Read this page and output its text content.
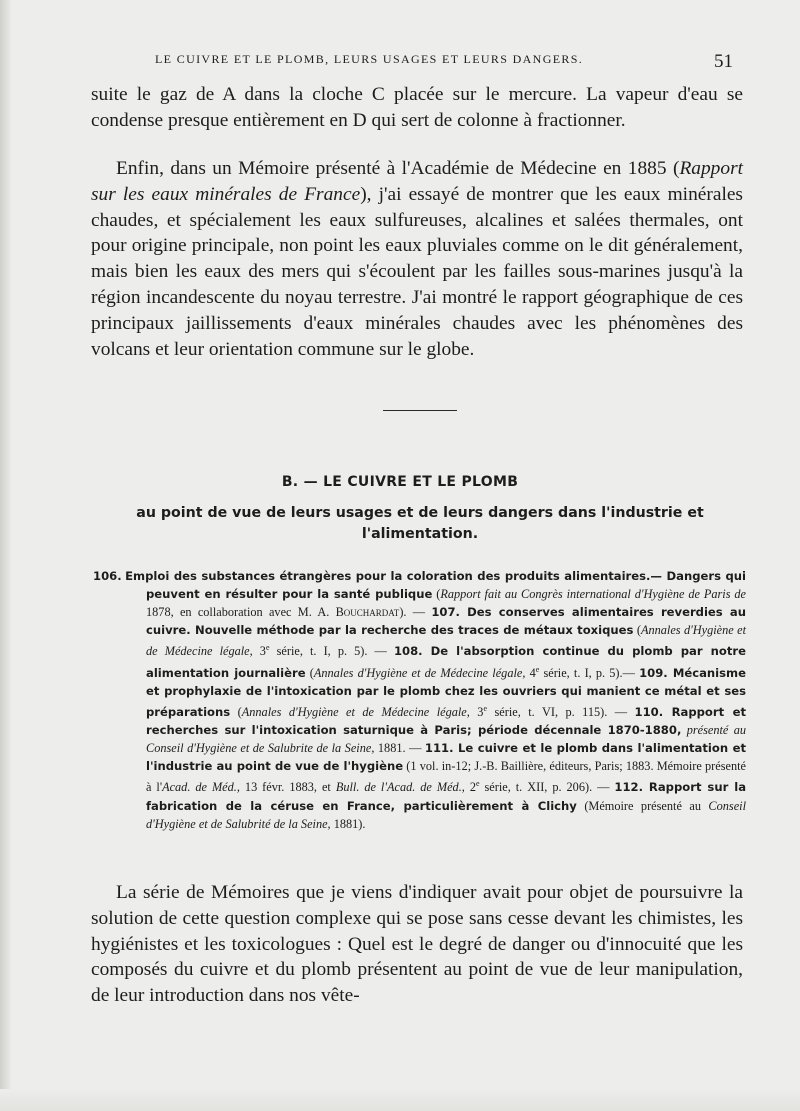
LE CUIVRE ET LE PLOMB, LEURS USAGES ET LEURS DANGERS.	51

suite le gaz de A dans la cloche C placée sur le mercure. La vapeur d'eau se condense presque entièrement en D qui sert de colonne à fractionner.

Enfin, dans un Mémoire présenté à l'Académie de Médecine en 1885 (Rapport sur les eaux minérales de France), j'ai essayé de montrer que les eaux minérales chaudes, et spécialement les eaux sulfureuses, alcalines et salées thermales, ont pour origine principale, non point les eaux pluviales comme on le dit généralement, mais bien les eaux des mers qui s'écoulent par les failles sous-marines jusqu'à la région incandescente du noyau terrestre. J'ai montré le rapport géographique de ces principaux jaillissements d'eaux minérales chaudes avec les phénomènes des volcans et leur orientation commune sur le globe.

B. — LE CUIVRE ET LE PLOMB
au point de vue de leurs usages et de leurs dangers dans l'industrie et l'alimentation.

106. Emploi des substances étrangères pour la coloration des produits alimentaires.— Dangers qui peuvent en résulter pour la santé publique (Rapport fait au Congrès international d'Hygiène de Paris de 1878, en collaboration avec M. A. Bouchardat). — 107. Des conserves alimentaires reverdies au cuivre. Nouvelle méthode par la recherche des traces de métaux toxiques (Annales d'Hygiène et de Médecine légale, 3e série, t. I, p. 5). — 108. De l'absorption continue du plomb par notre alimentation journalière (Annales d'Hygiène et de Médecine légale, 4e série, t. I, p. 5).— 109. Mécanisme et prophylaxie de l'intoxication par le plomb chez les ouvriers qui manient ce métal et ses préparations (Annales d'Hygiène et de Médecine légale, 3e série, t. VI, p. 115). — 110. Rapport et recherches sur l'intoxication saturnique à Paris; période décennale 1870-1880, présenté au Conseil d'Hygiène et de Salubrite de la Seine, 1881. — 111. Le cuivre et le plomb dans l'alimentation et l'industrie au point de vue de l'hygiène (1 vol. in-12; J.-B. Baillière, éditeurs, Paris; 1883. Mémoire présenté à l'Acad. de Méd., 13 févr. 1883, et Bull. de l'Acad. de Méd., 2e série, t. XII, p. 206). — 112. Rapport sur la fabrication de la céruse en France, particulièrement à Clichy (Mémoire présenté au Conseil d'Hygiène et de Salubrité de la Seine, 1881).

La série de Mémoires que je viens d'indiquer avait pour objet de poursuivre la solution de cette question complexe qui se pose sans cesse devant les chimistes, les hygiénistes et les toxicologues : Quel est le degré de danger ou d'innocuité que les composés du cuivre et du plomb présentent au point de vue de leur manipulation, de leur introduction dans nos vête-
